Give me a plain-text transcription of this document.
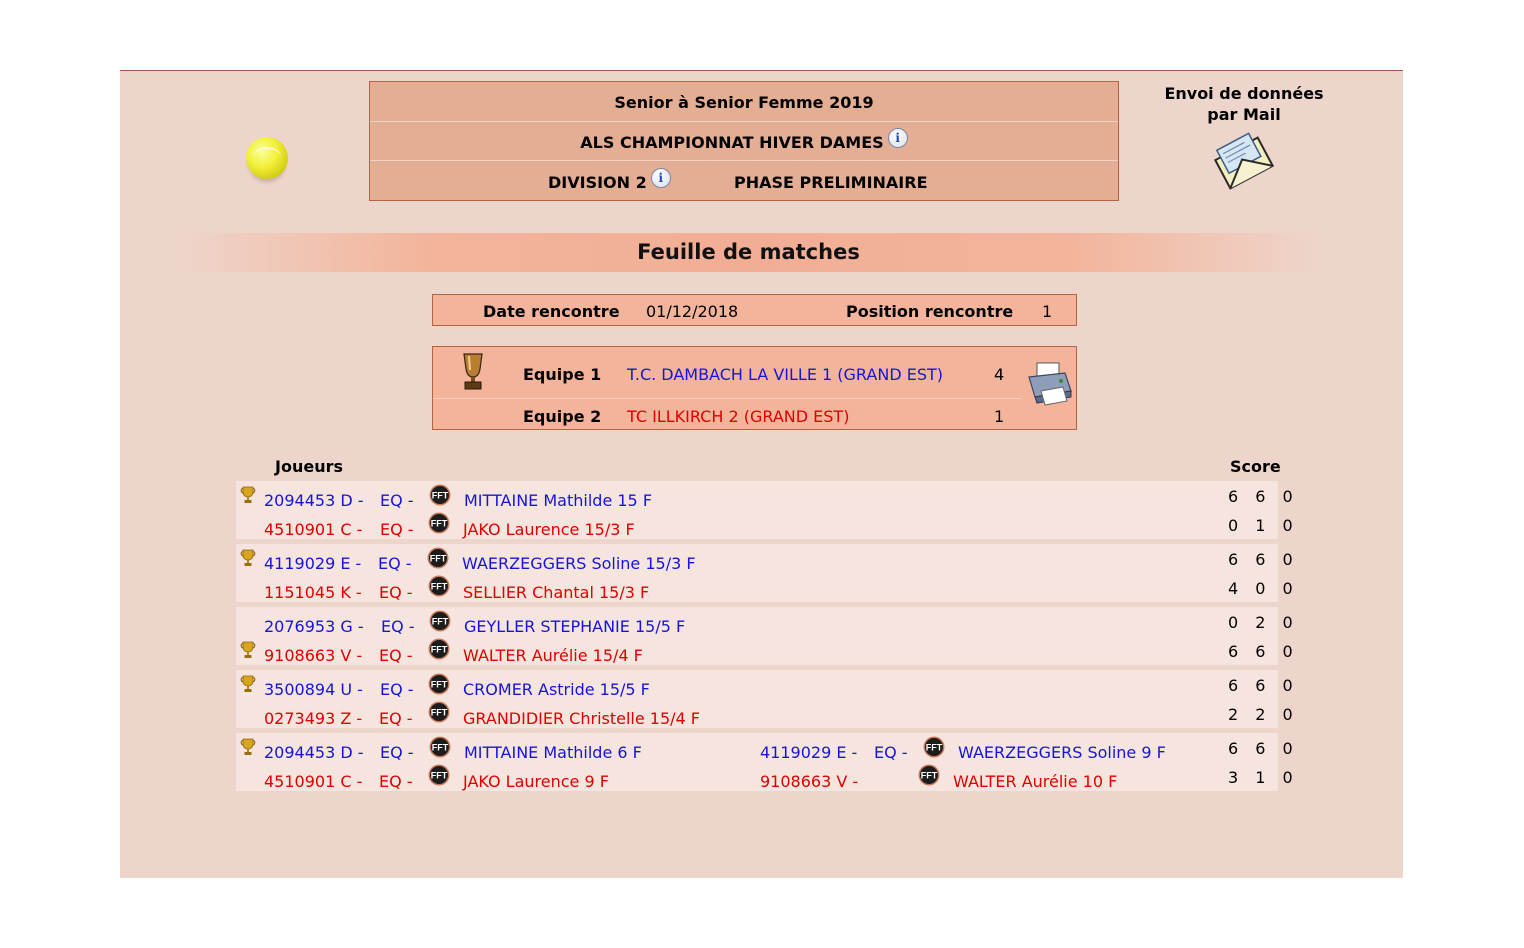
Senior à Senior Femme 2019
ALS CHAMPIONNAT HIVER DAMES i
DIVISION 2 i	PHASE PRELIMINAIRE
Envoi de données
par Mail
Feuille de matches
Date rencontre 01/12/2018	Position rencontre 1
Equipe 1 T.C. DAMBACH LA VILLE 1 (GRAND EST)	4
Equipe 2 TC ILLKIRCH 2 (GRAND EST)	1
Joueurs	Score
2094453 D - EQ -	MITTAINE Mathilde 15 F	6 6 0
4510901 C - EQ -	JAKO Laurence 15/3 F	0 1 0
4119029 E - EQ -	WAERZEGGERS Soline 15/3 F	6 6 0
1151045 K - EQ -	SELLIER Chantal 15/3 F	4 0 0
2076953 G - EQ -	GEYLLER STEPHANIE 15/5 F	0 2 0
9108663 V - EQ -	WALTER Aurélie 15/4 F	6 6 0
3500894 U - EQ -	CROMER Astride 15/5 F	6 6 0
0273493 Z - EQ -	GRANDIDIER Christelle 15/4 F	2 2 0
2094453 D - EQ -	MITTAINE Mathilde 6 F	4119029 E - EQ -	WAERZEGGERS Soline 9 F	6 6 0
4510901 C - EQ -	JAKO Laurence 9 F	9108663 V -	WALTER Aurélie 10 F	3 1 0
